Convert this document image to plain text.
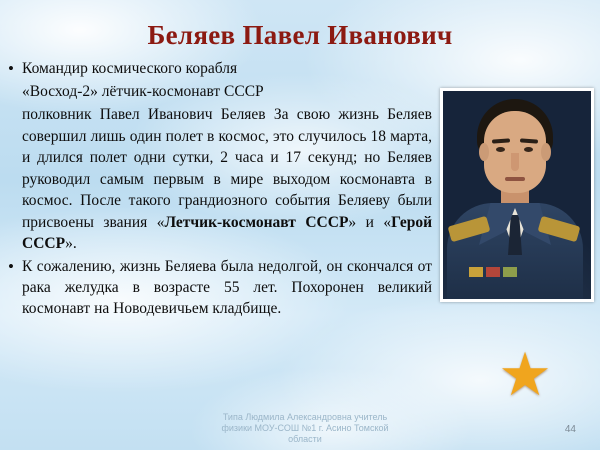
Беляев Павел Иванович
• Командир космического корабля
«Восход-2» лётчик-космонавт СССР

полковник Павел Иванович Беляев За свою жизнь Беляев совершил лишь один полет в космос, это случилось 18 марта, и длился полет одни сутки, 2 часа и 17 секунд; но Беляев руководил самым первым в мире выходом космонавта в космос. После такого грандиозного события Беляеву были присвоены звания «Летчик-космонавт СССР» и «Герой СССР».

• К сожалению, жизнь Беляева была недолгой, он скончался от рака желудка в возрасте 55 лет. Похоронен великий космонавт на Новодевичьем кладбище.
★
Типа Людмила Александровна учитель
физики МОУ-СОШ №1 г. Асино Томской
области
44
